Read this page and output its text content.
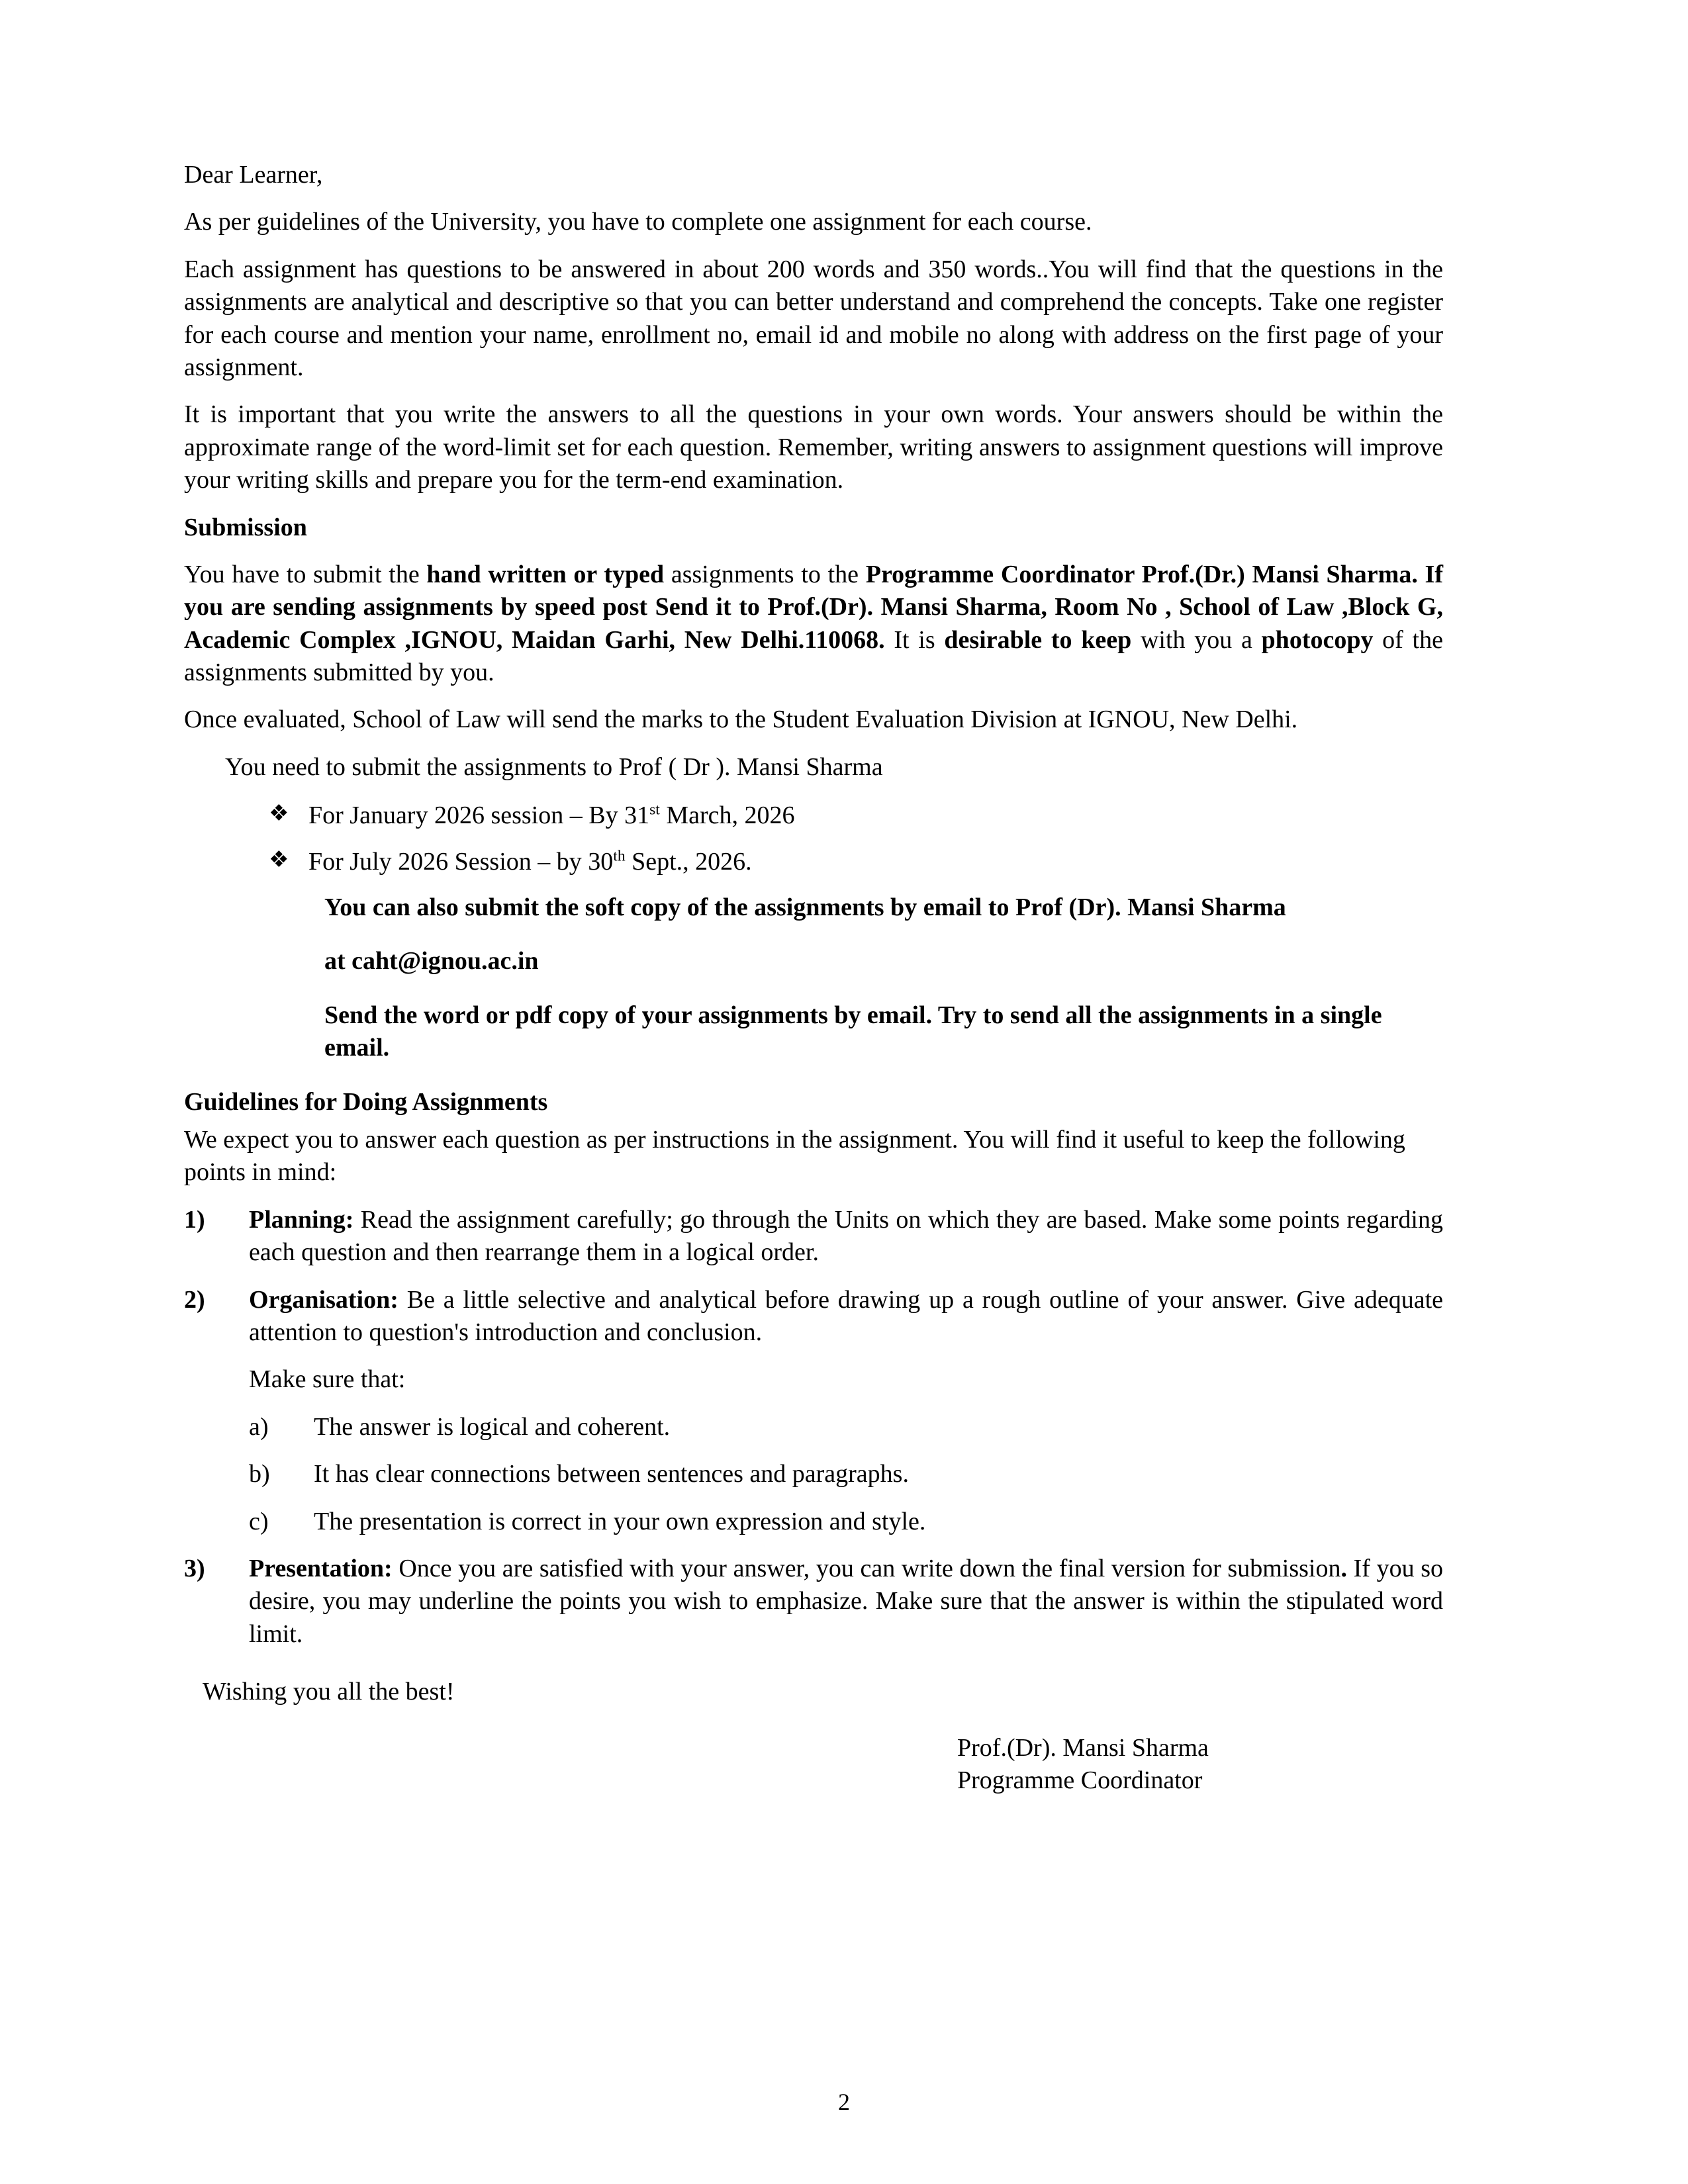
Dear Learner,

As per guidelines of the University, you have to complete one assignment for each course.

Each assignment has questions to be answered in about 200 words and 350 words..You will find that the questions in the assignments are analytical and descriptive so that you can better understand and comprehend the concepts. Take one register for each course and mention your name, enrollment no, email id and mobile no along with address on the first page of your assignment.

It is important that you write the answers to all the questions in your own words. Your answers should be within the approximate range of the word-limit set for each question. Remember, writing answers to assignment questions will improve your writing skills and prepare you for the term-end examination.

Submission

You have to submit the hand written or typed assignments to the Programme Coordinator Prof.(Dr.) Mansi Sharma. If you are sending assignments by speed post Send it to Prof.(Dr). Mansi Sharma, Room No , School of Law ,Block G, Academic Complex ,IGNOU, Maidan Garhi, New Delhi.110068. It is desirable to keep with you a photocopy of the assignments submitted by you.

Once evaluated, School of Law will send the marks to the Student Evaluation Division at IGNOU, New Delhi.

You need to submit the assignments to Prof ( Dr ). Mansi Sharma

❖ For January 2026 session – By 31st March, 2026
❖ For July 2026 Session – by 30th Sept., 2026.

You can also submit the soft copy of the assignments by email to Prof (Dr). Mansi Sharma

at caht@ignou.ac.in

Send the word or pdf copy of your assignments by email. Try to send all the assignments in a single email.

Guidelines for Doing Assignments

We expect you to answer each question as per instructions in the assignment. You will find it useful to keep the following points in mind:

1)	Planning: Read the assignment carefully; go through the Units on which they are based. Make some points regarding each question and then rearrange them in a logical order.
2)	Organisation: Be a little selective and analytical before drawing up a rough outline of your answer. Give adequate attention to question's introduction and conclusion.

Make sure that:

a) The answer is logical and coherent.
b) It has clear connections between sentences and paragraphs.
c) The presentation is correct in your own expression and style.
3)	Presentation: Once you are satisfied with your answer, you can write down the final version for submission. If you so desire, you may underline the points you wish to emphasize. Make sure that the answer is within the stipulated word limit.

Wishing you all the best!

Prof.(Dr). Mansi Sharma
Programme Coordinator
2
